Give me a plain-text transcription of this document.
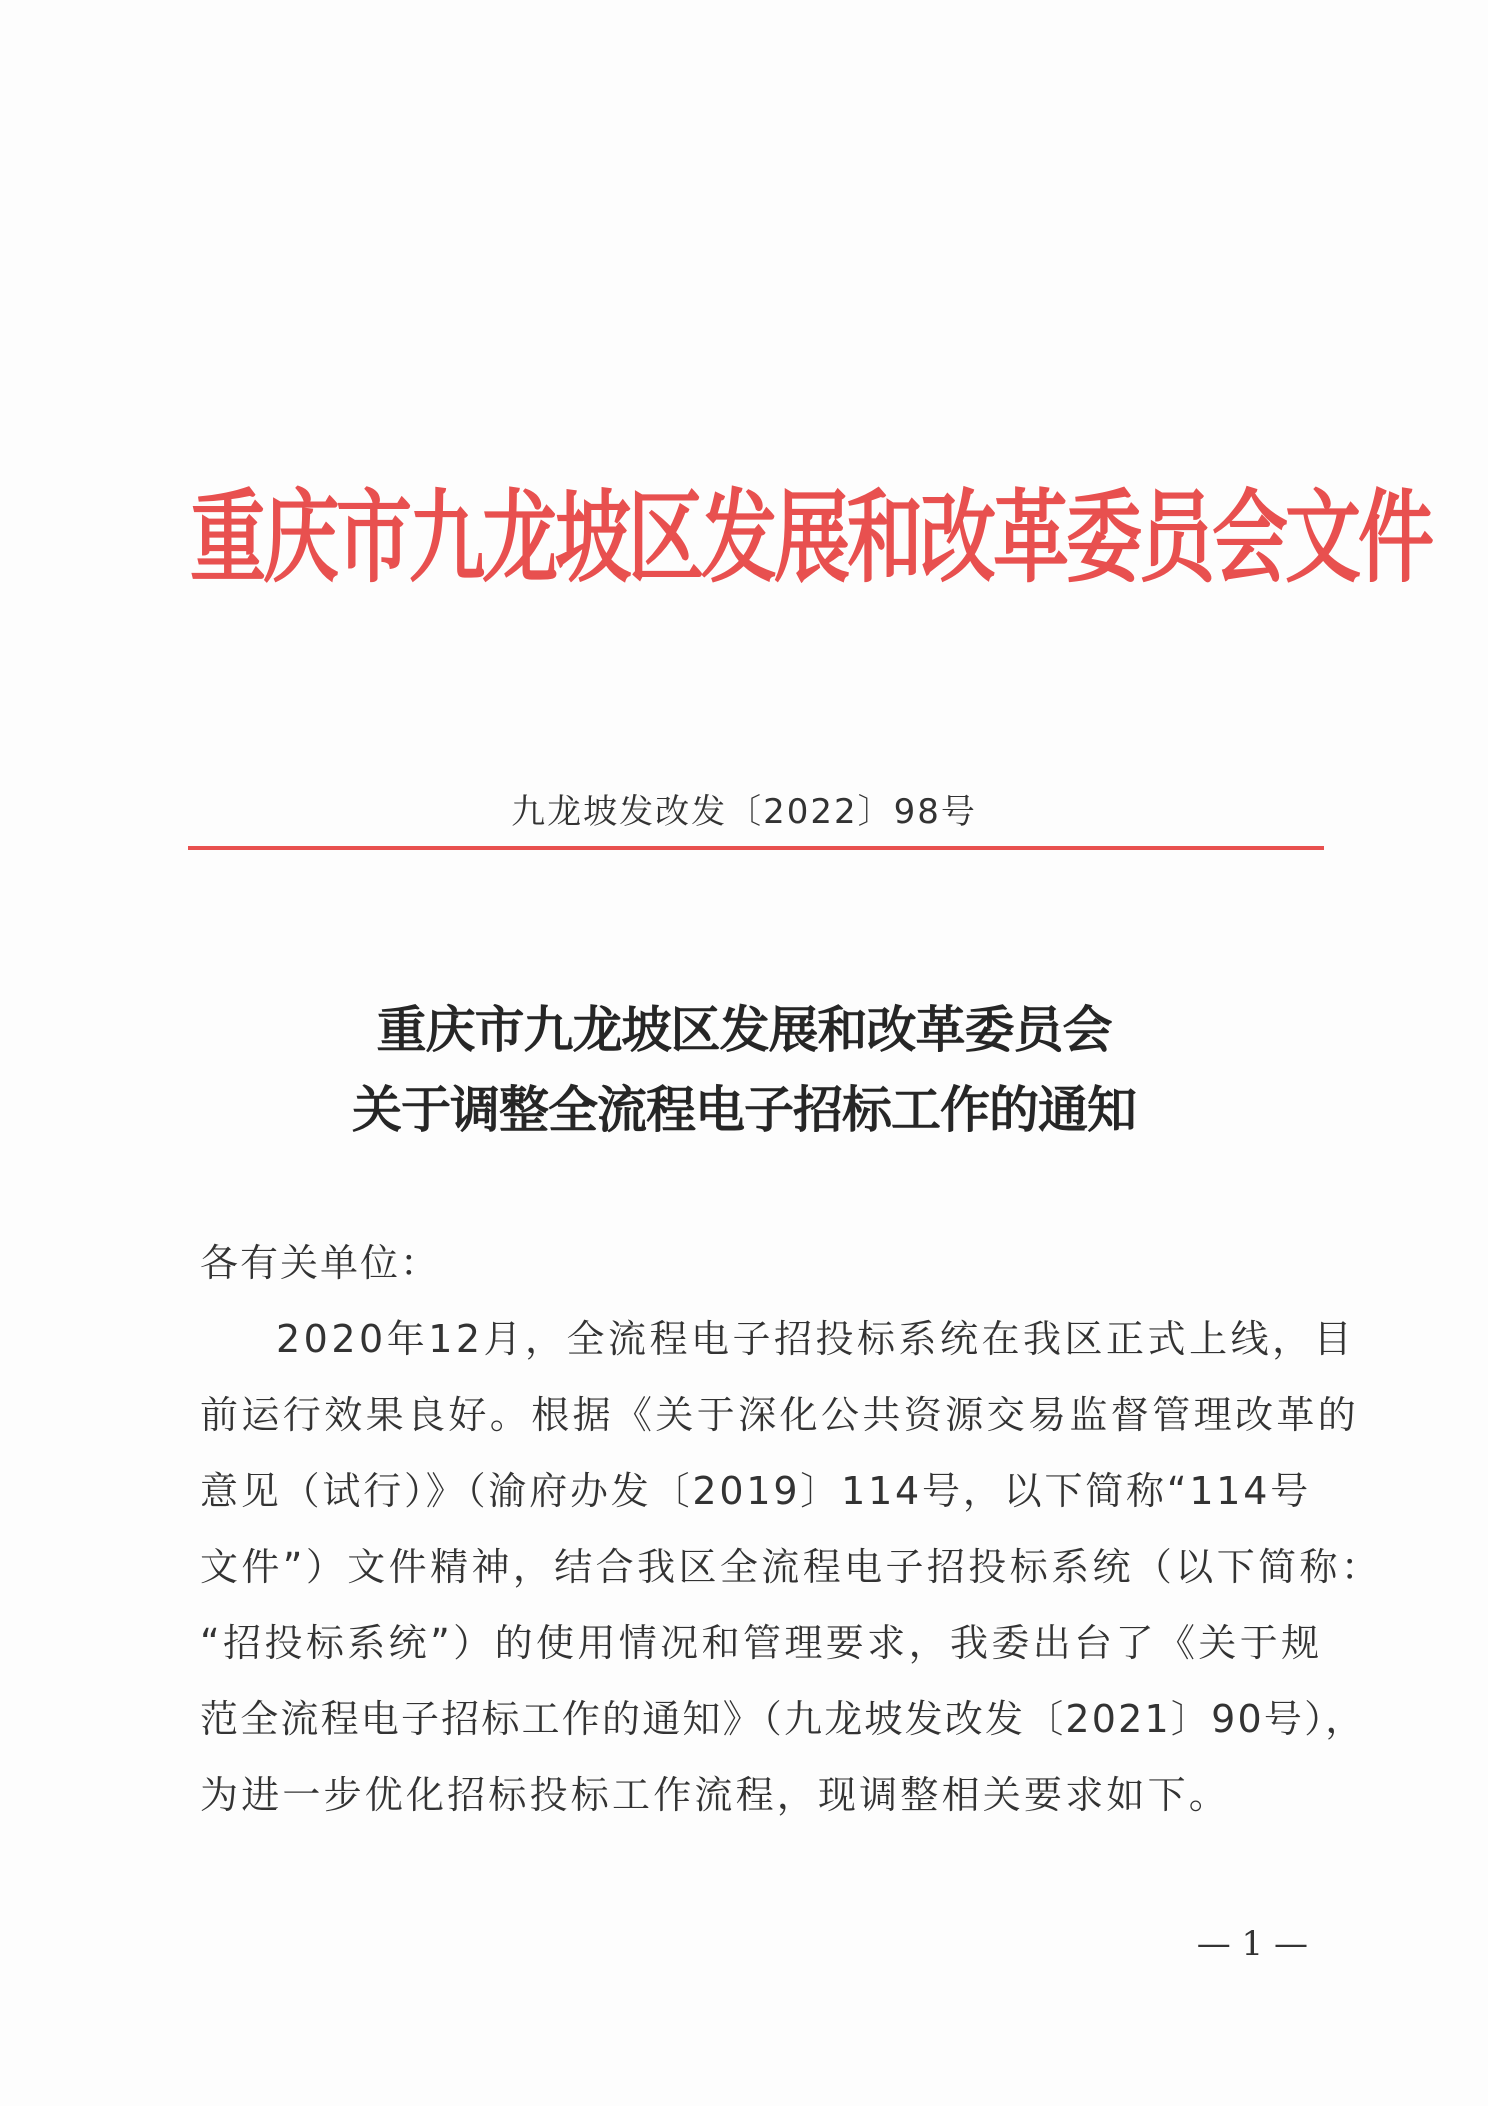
重庆市九龙坡区发展和改革委员会文件
九龙坡发改发〔2022〕98号
重庆市九龙坡区发展和改革委员会
关于调整全流程电子招标工作的通知
各有关单位：
2020年12月，全流程电子招投标系统在我区正式上线，目
前运行效果良好。根据《关于深化公共资源交易监督管理改革的
意见（试行）》（渝府办发〔2019〕114号，以下简称“114号
文件”）文件精神，结合我区全流程电子招投标系统（以下简称：
“招投标系统”）的使用情况和管理要求，我委出台了《关于规
范全流程电子招标工作的通知》（九龙坡发改发〔2021〕90号），
为进一步优化招标投标工作流程，现调整相关要求如下。
— 1 —
